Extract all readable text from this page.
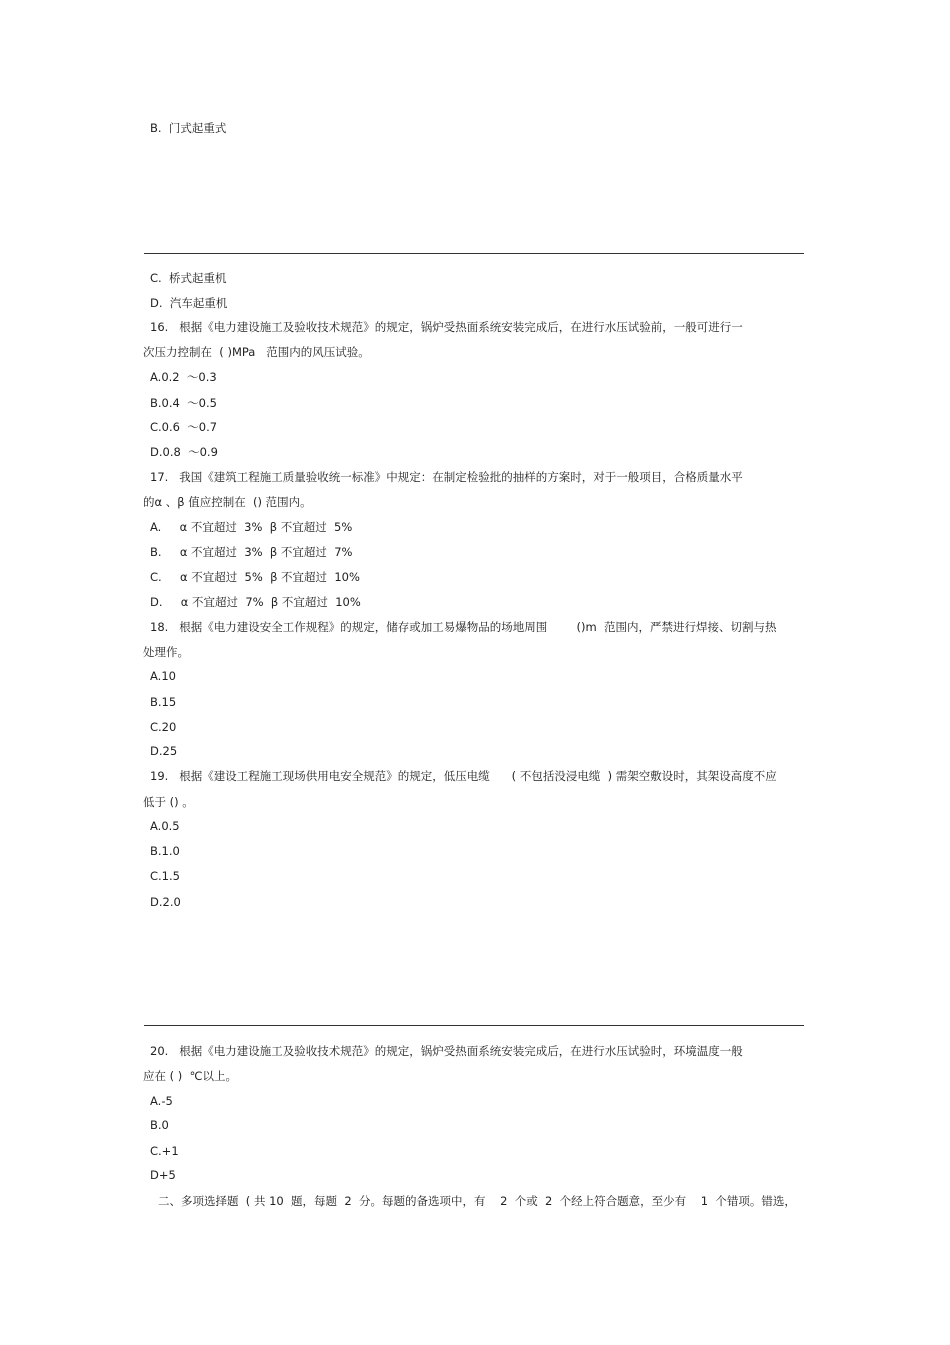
B.  门式起重式
C.  桥式起重机
D.  汽车起重机
16.   根据《电力建设施工及验收技术规范》的规定，锅炉受热面系统安装完成后，在进行水压试验前，一般可进行一
次压力控制在  ( )MPa   范围内的风压试验。
A.0.2  ～0.3
B.0.4  ～0.5
C.0.6  ～0.7
D.0.8  ～0.9
17.   我国《建筑工程施工质量验收统一标准》中规定：在制定检验批的抽样的方案时，对于一般项目，合格质量水平
的α 、β 值应控制在  () 范围内。
A.     α 不宜超过  3%  β 不宜超过  5%
B.     α 不宜超过  3%  β 不宜超过  7%
C.     α 不宜超过  5%  β 不宜超过  10%
D.     α 不宜超过  7%  β 不宜超过  10%
18.   根据《电力建设安全工作规程》的规定，储存或加工易爆物品的场地周围        ()m  范围内，严禁进行焊接、切割与热
处理作。
A.10
B.15
C.20
D.25
19.   根据《建设工程施工现场供用电安全规范》的规定，低压电缆      ( 不包括没浸电缆  ) 需架空敷设时，其架设高度不应
低于 () 。
A.0.5
B.1.0
C.1.5
D.2.0
20.   根据《电力建设施工及验收技术规范》的规定，锅炉受热面系统安装完成后，在进行水压试验时，环境温度一般
应在 ( )  ℃以上。
A.-5
B.0
C.+1
D+5
二、多项选择题  ( 共 10  题，每题  2  分。每题的备选项中，有    2  个或  2  个经上符合题意，至少有    1  个错项。错选，
